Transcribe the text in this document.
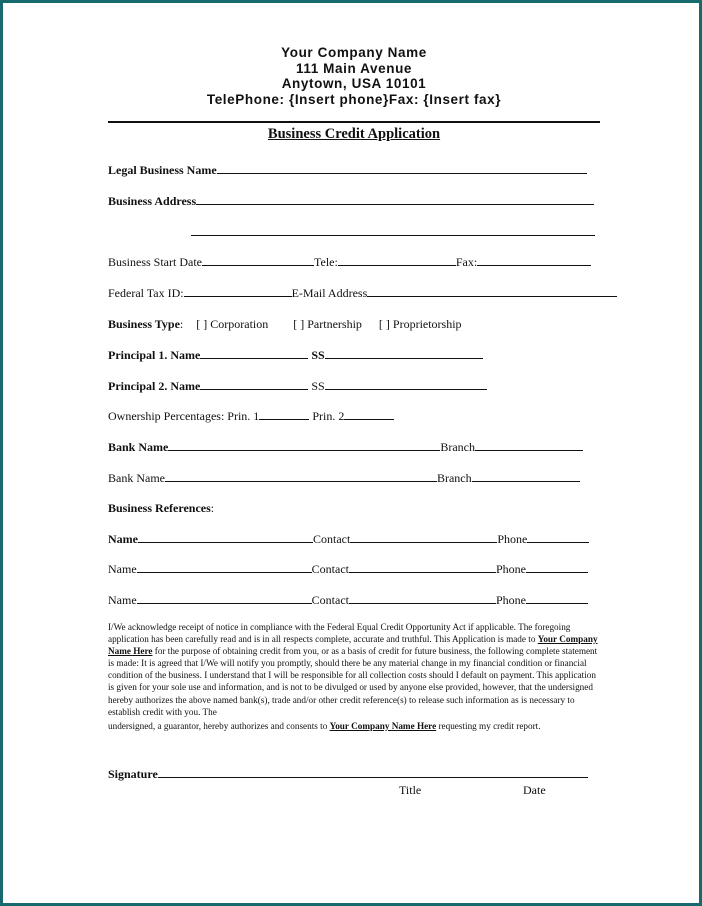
Your Company Name
111 Main Avenue
Anytown, USA 10101
TelePhone: {Insert phone}Fax: {Insert fax}
Business Credit Application
Legal Business Name
Business Address
Business Start Date	Tele:	Fax:
Federal Tax ID:	E-Mail Address
Business Type: [ ] Corporation [ ] Partnership [ ] Proprietorship
Principal 1. Name	SS
Principal 2. Name	SS
Ownership Percentages: Prin. 1	Prin. 2
Bank Name	Branch
Bank Name	Branch
Business References:
Name	Contact	Phone
Name	Contact	Phone
Name	Contact	Phone

I/We acknowledge receipt of notice in compliance with the Federal Equal Credit Opportunity Act if applicable. The foregoing application has been carefully read and is in all respects complete, accurate and truthful. This Application is made to Your Company Name Here for the purpose of obtaining credit from you, or as a basis of credit for future business, the following complete statement is made: It is agreed that I/We will notify you promptly, should there be any material change in my financial condition or financial condition of the business. I understand that I will be responsible for all collection costs should I default on payment. This application is given for your sole use and information, and is not to be divulged or used by anyone else provided, however, that the undersigned hereby authorizes the above named bank(s), trade and/or other credit reference(s) to release such information as is necessary to establish credit with you. The

undersigned, a guarantor, hereby authorizes and consents to Your Company Name Here requesting my credit report.

Signature
Title	Date
